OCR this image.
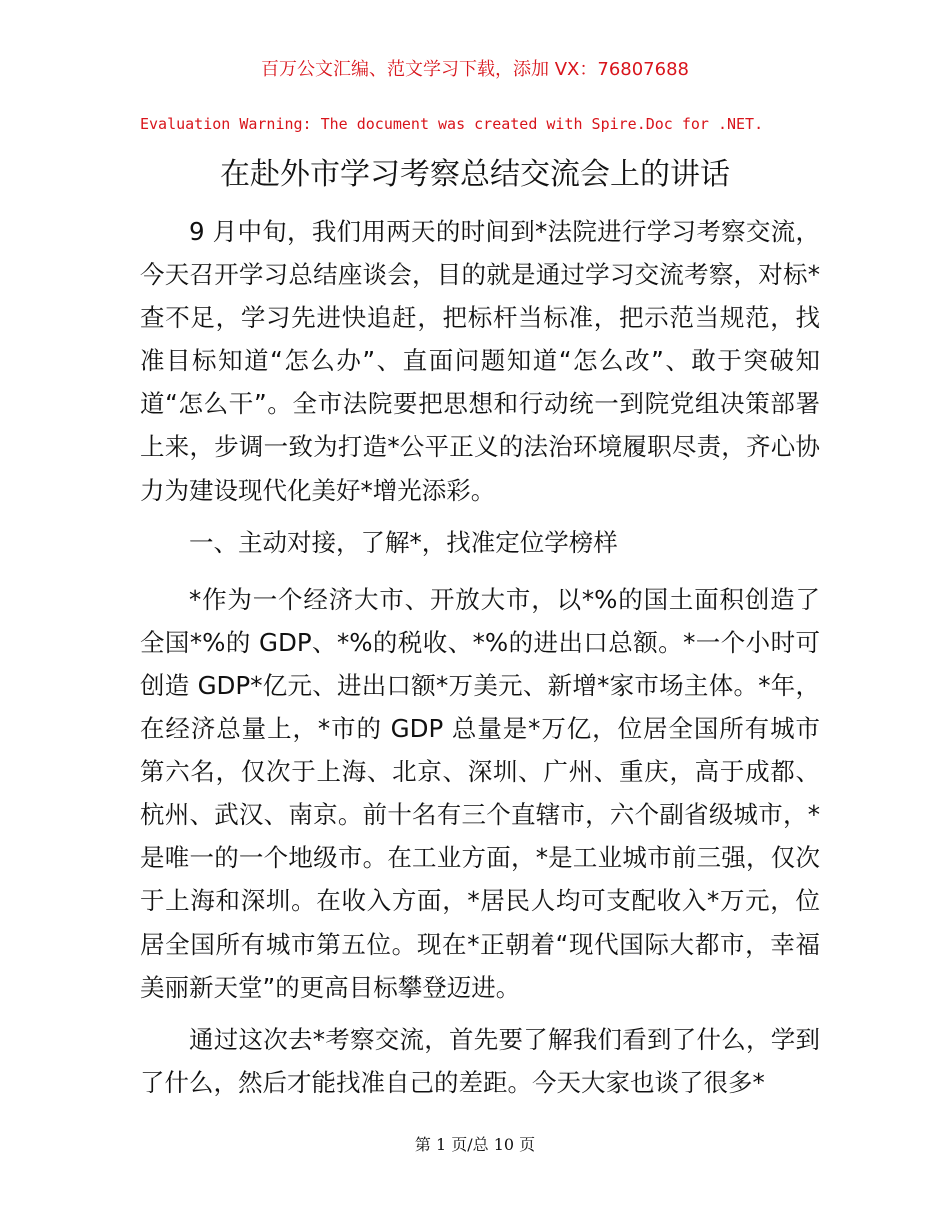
百万公文汇编、范文学习下载，添加 VX：76807688
Evaluation Warning: The document was created with Spire.Doc for .NET.
在赴外市学习考察总结交流会上的讲话

9 月中旬，我们用两天的时间到*法院进行学习考察交流，今天召开学习总结座谈会，目的就是通过学习交流考察，对标*查不足，学习先进快追赶，把标杆当标准，把示范当规范，找准目标知道“怎么办”、直面问题知道“怎么改”、敢于突破知道“怎么干”。全市法院要把思想和行动统一到院党组决策部署上来，步调一致为打造*公平正义的法治环境履职尽责，齐心协力为建设现代化美好*增光添彩。

一、主动对接，了解*，找准定位学榜样

*作为一个经济大市、开放大市，以*%的国土面积创造了全国*%的 GDP、*%的税收、*%的进出口总额。*一个小时可创造 GDP*亿元、进出口额*万美元、新增*家市场主体。*年，在经济总量上，*市的 GDP 总量是*万亿，位居全国所有城市第六名，仅次于上海、北京、深圳、广州、重庆，高于成都、杭州、武汉、南京。前十名有三个直辖市，六个副省级城市，*是唯一的一个地级市。在工业方面，*是工业城市前三强，仅次于上海和深圳。在收入方面，*居民人均可支配收入*万元，位居全国所有城市第五位。现在*正朝着“现代国际大都市，幸福美丽新天堂”的更高目标攀登迈进。

通过这次去*考察交流，首先要了解我们看到了什么，学到了什么，然后才能找准自己的差距。今天大家也谈了很多*

第 1 页/总 10 页
